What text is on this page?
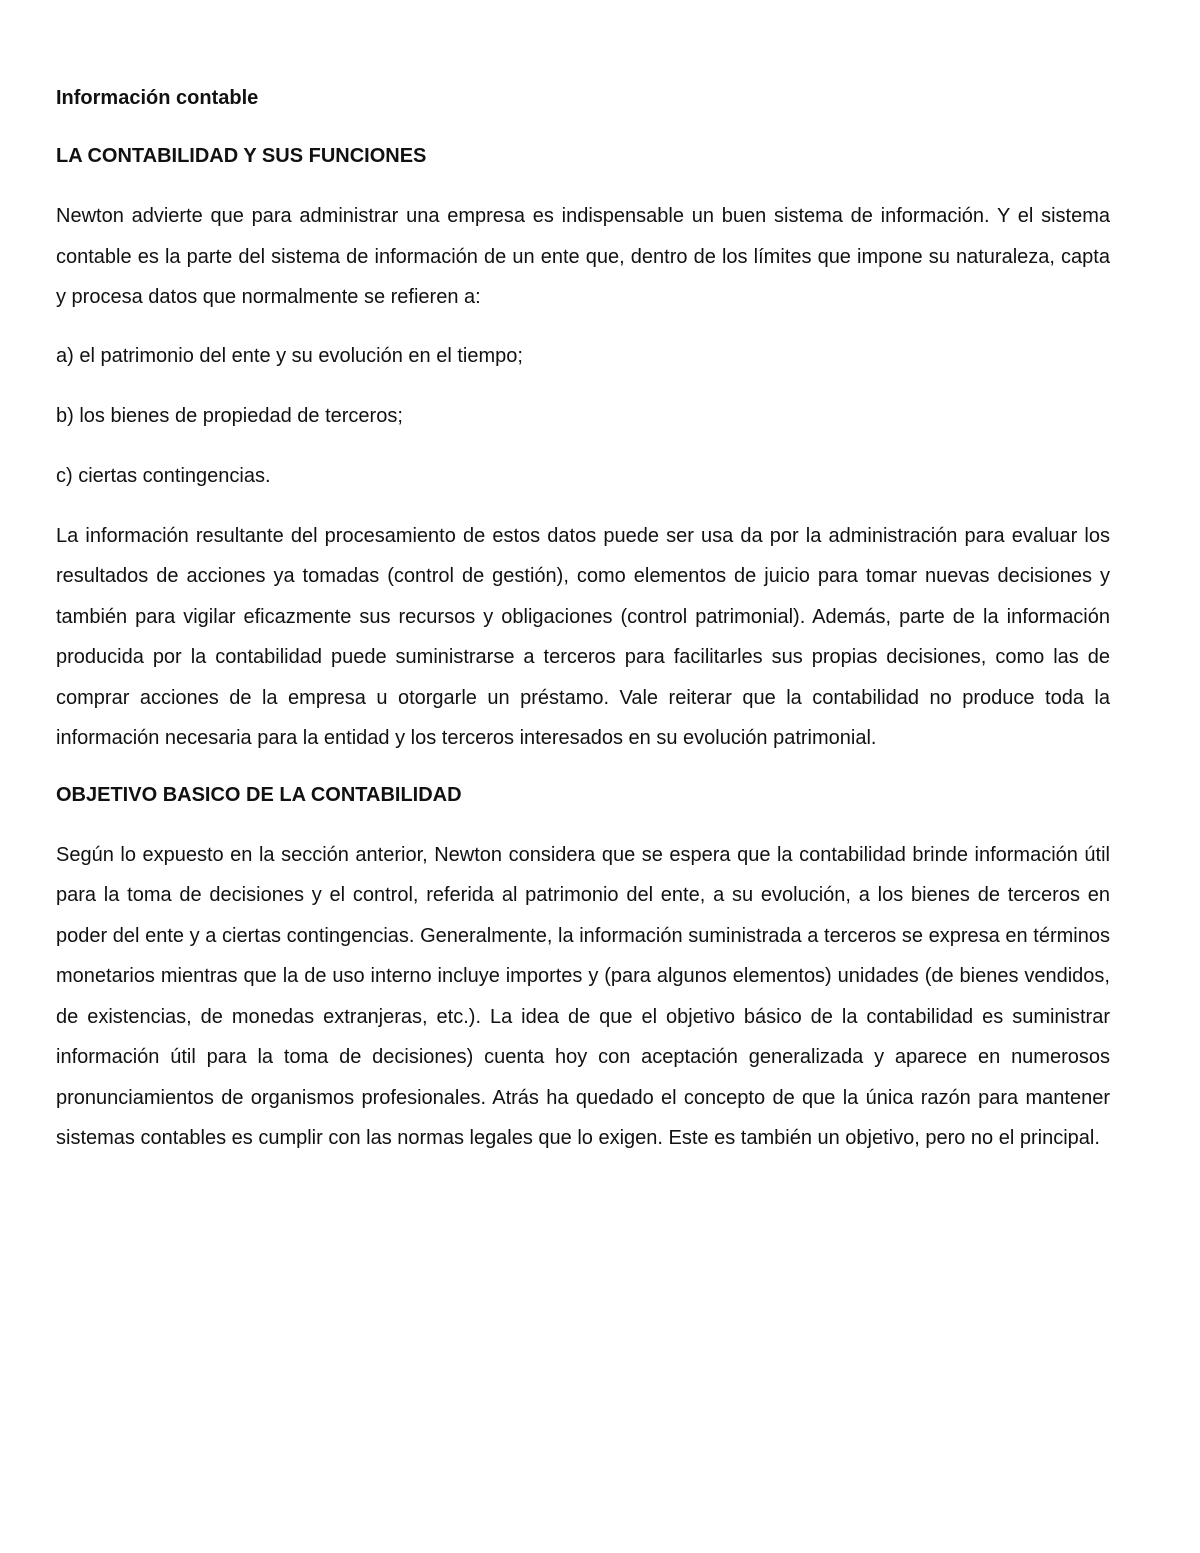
Información contable
LA CONTABILIDAD Y SUS FUNCIONES

Newton advierte que para administrar una empresa es indispensable un buen sistema de información. Y el sistema contable es la parte del sistema de información de un ente que, dentro de los límites que impone su naturaleza, capta y procesa datos que normalmente se refieren a:

a) el patrimonio del ente y su evolución en el tiempo;
b) los bienes de propiedad de terceros;
c) ciertas contingencias.

La información resultante del procesamiento de estos datos puede ser usa da por la administración para evaluar los resultados de acciones ya tomadas (control de gestión), como elementos de juicio para tomar nuevas decisiones y también para vigilar eficazmente sus recursos y obligaciones (control patrimonial). Además, parte de la información producida por la contabilidad puede suministrarse a terceros para facilitarles sus propias decisiones, como las de comprar acciones de la empresa u otorgarle un préstamo. Vale reiterar que la contabilidad no produce toda la información necesaria para la entidad y los terceros interesados en su evolución patrimonial.

OBJETIVO BASICO DE LA CONTABILIDAD

Según lo expuesto en la sección anterior, Newton considera que se espera que la contabilidad brinde información útil para la toma de decisiones y el control, referida al patrimonio del ente, a su evolución, a los bienes de terceros en poder del ente y a ciertas contingencias. Generalmente, la información suministrada a terceros se expresa en términos monetarios mientras que la de uso interno incluye importes y (para algunos elementos) unidades (de bienes vendidos, de existencias, de monedas extranjeras, etc.). La idea de que el objetivo básico de la contabilidad es suministrar información útil para la toma de decisiones) cuenta hoy con aceptación generalizada y aparece en numerosos pronunciamientos de organismos profesionales. Atrás ha quedado el concepto de que la única razón para mantener sistemas contables es cumplir con las normas legales que lo exigen. Este es también un objetivo, pero no el principal.
